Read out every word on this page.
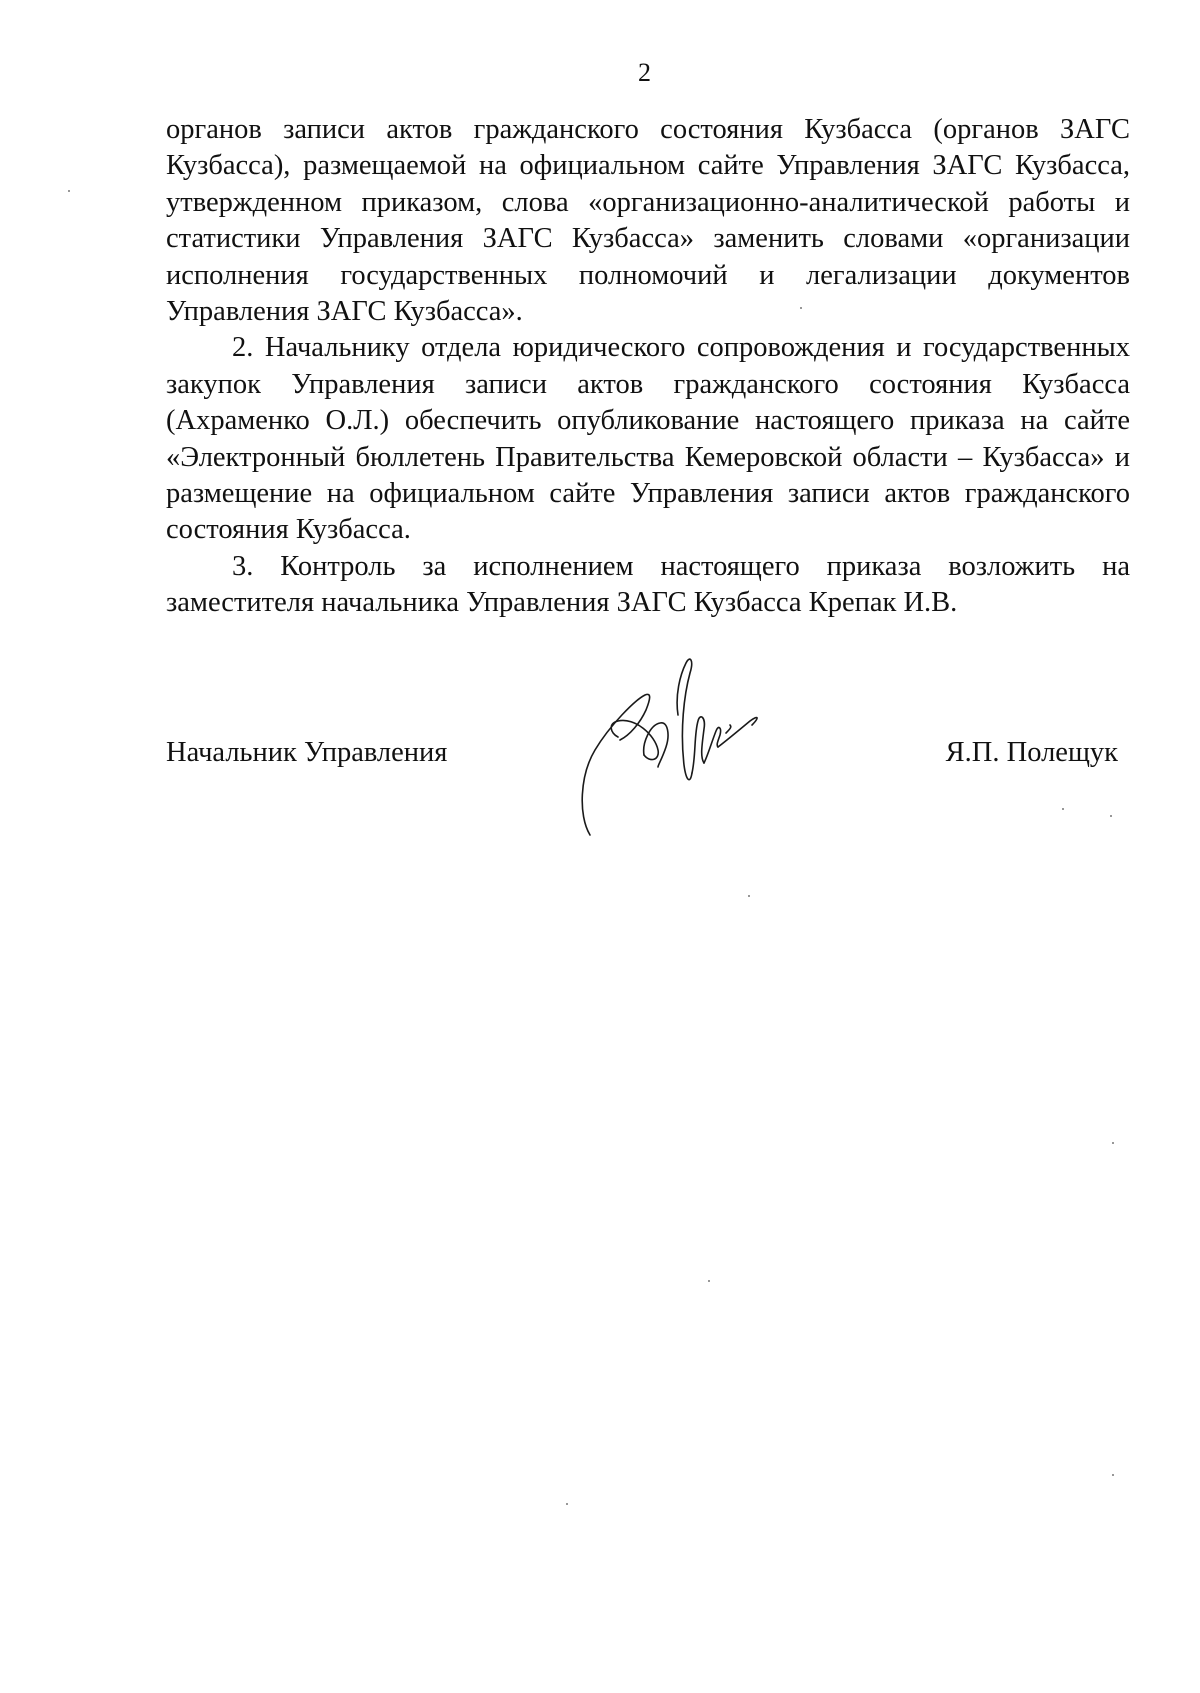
2

органов записи актов гражданского состояния Кузбасса (органов ЗАГС Кузбасса), размещаемой на официальном сайте Управления ЗАГС Кузбасса, утвержденном приказом, слова «организационно-аналитической работы и статистики Управления ЗАГС Кузбасса» заменить словами «организации исполнения государственных полномочий и легализации документов Управления ЗАГС Кузбасса».

2. Начальнику отдела юридического сопровождения и государственных закупок Управления записи актов гражданского состояния Кузбасса (Ахраменко О.Л.) обеспечить опубликование настоящего приказа на сайте «Электронный бюллетень Правительства Кемеровской области – Кузбасса» и размещение на официальном сайте Управления записи актов гражданского состояния Кузбасса.

3. Контроль за исполнением настоящего приказа возложить на заместителя начальника Управления ЗАГС Кузбасса Крепак И.В.

Начальник Управления	Я.П. Полещук
